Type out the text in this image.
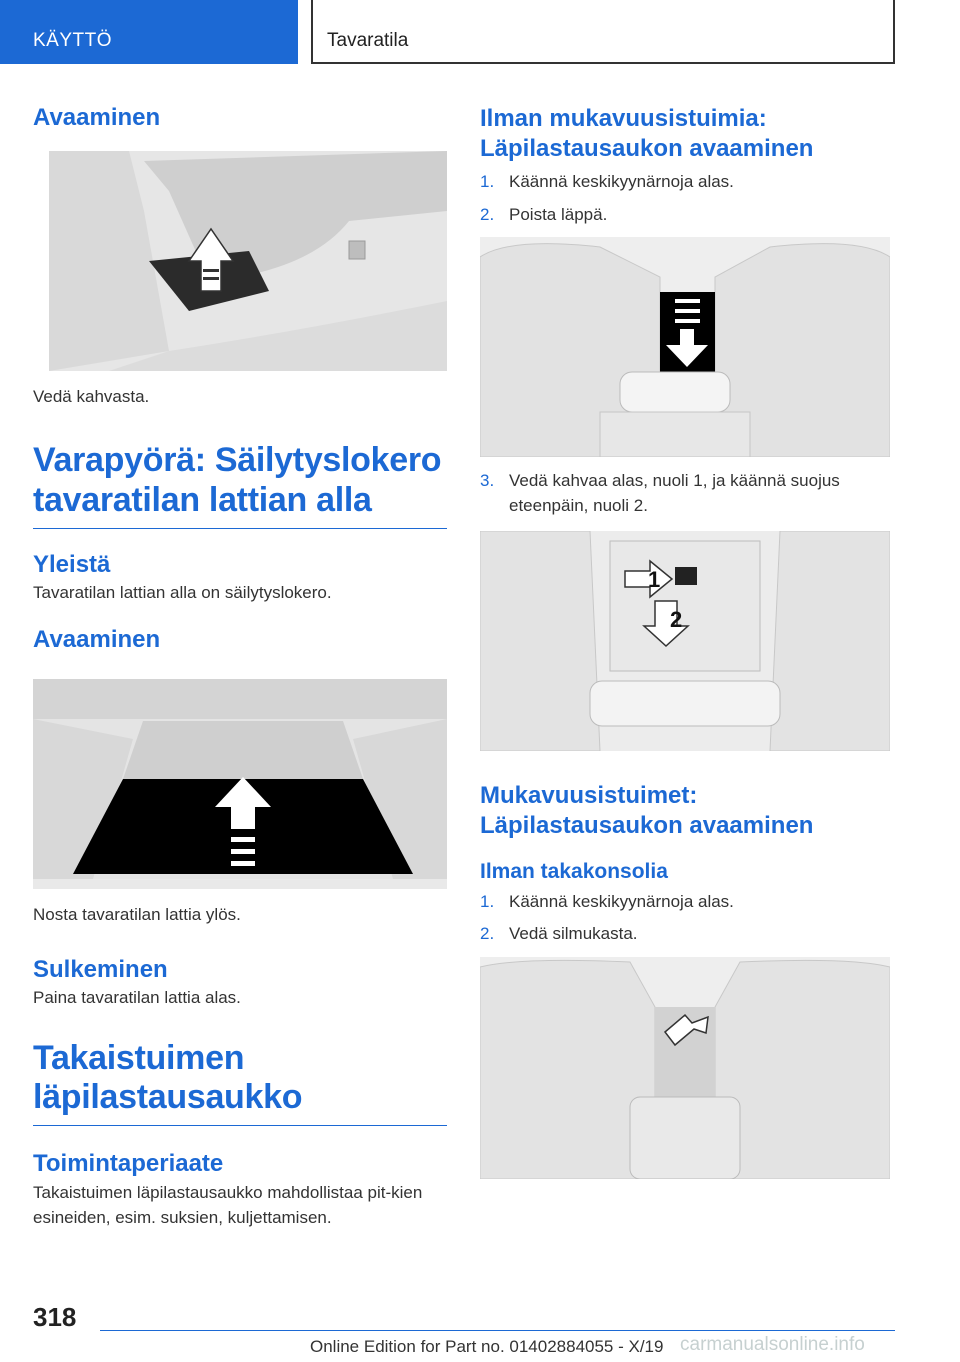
KÄYTTÖ	Tavaratila
Avaaminen
Vedä kahvasta.
Varapyörä: Säilytyslokero tavaratilan lattian alla
Yleistä
Tavaratilan lattian alla on säilytyslokero.
Avaaminen
Nosta tavaratilan lattia ylös.
Sulkeminen
Paina tavaratilan lattia alas.
Takaistuimen läpilastausaukko
Toimintaperiaate
Takaistuimen läpilastausaukko mahdollistaa pit-kien esineiden, esim. suksien, kuljettamisen.
Ilman mukavuusistuimia: Läpilastausaukon avaaminen
1. Käännä keskikyynärnoja alas.
2. Poista läppä.
3. Vedä kahvaa alas, nuoli 1, ja käännä suojus eteenpäin, nuoli 2.
1
2
Mukavuusistuimet: Läpilastausaukon avaaminen
Ilman takakonsolia
1. Käännä keskikyynärnoja alas.
2. Vedä silmukasta.
318
Online Edition for Part no. 01402884055 - X/19 carmanualsonline.info
